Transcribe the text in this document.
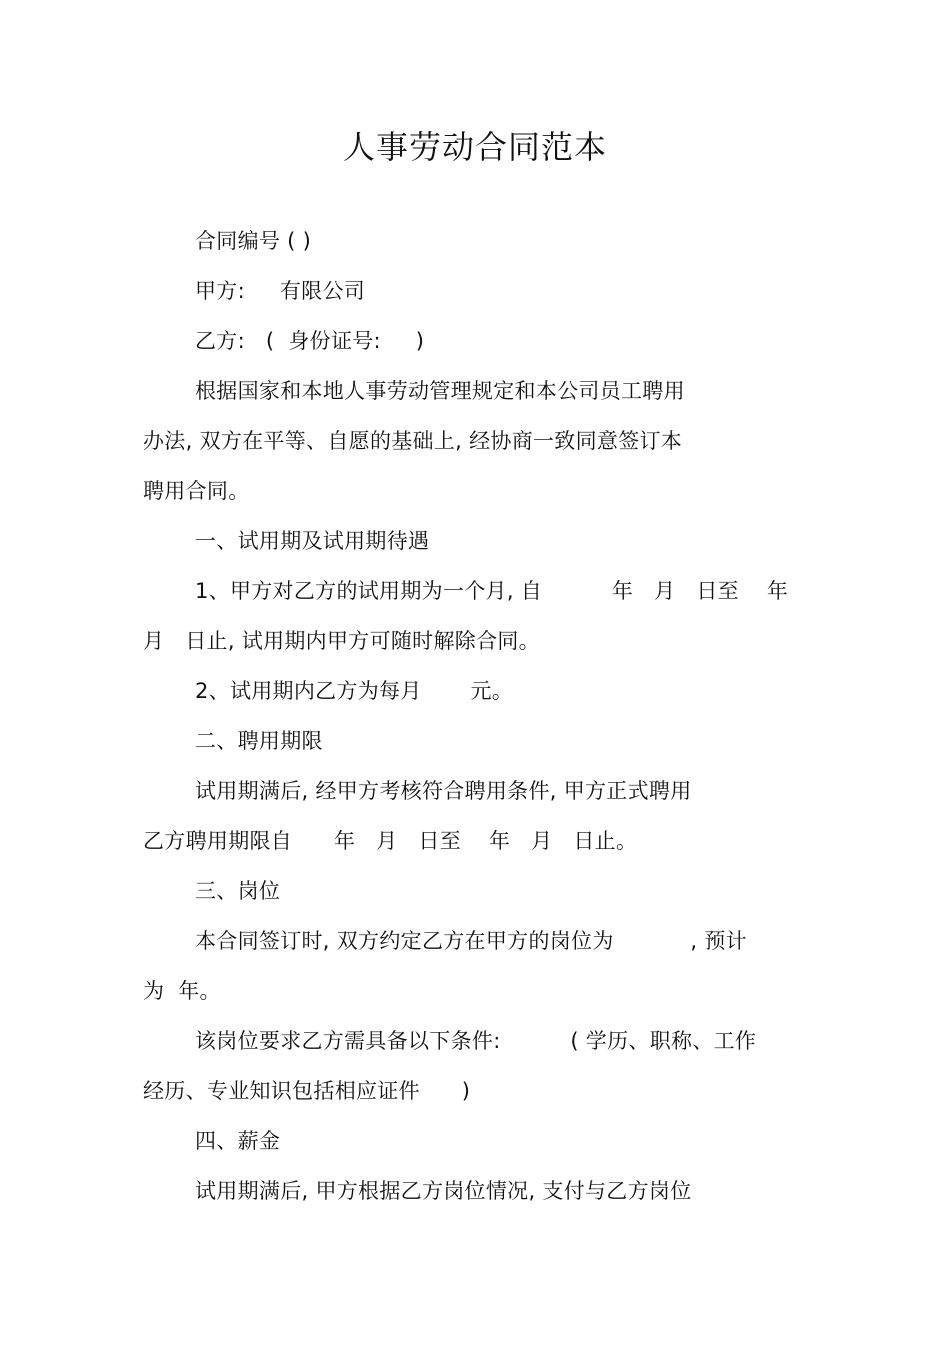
人事劳动合同范本
合同编号 ( )
甲方:     有限公司
乙方:   (  身份证号:     )
根据国家和本地人事劳动管理规定和本公司员工聘用
办法, 双方在平等、自愿的基础上, 经协商一致同意签订本
聘用合同。
一、试用期及试用期待遇
1、甲方对乙方的试用期为一个月, 自          年   月   日至    年
月   日止, 试用期内甲方可随时解除合同。
2、试用期内乙方为每月       元。
二、聘用期限
试用期满后, 经甲方考核符合聘用条件, 甲方正式聘用
乙方聘用期限自      年   月   日至    年   月   日止。
三、岗位
本合同签订时, 双方约定乙方在甲方的岗位为           , 预计
为  年。
该岗位要求乙方需具备以下条件:          ( 学历、职称、工作
经历、专业知识包括相应证件      )
四、薪金
试用期满后, 甲方根据乙方岗位情况, 支付与乙方岗位
